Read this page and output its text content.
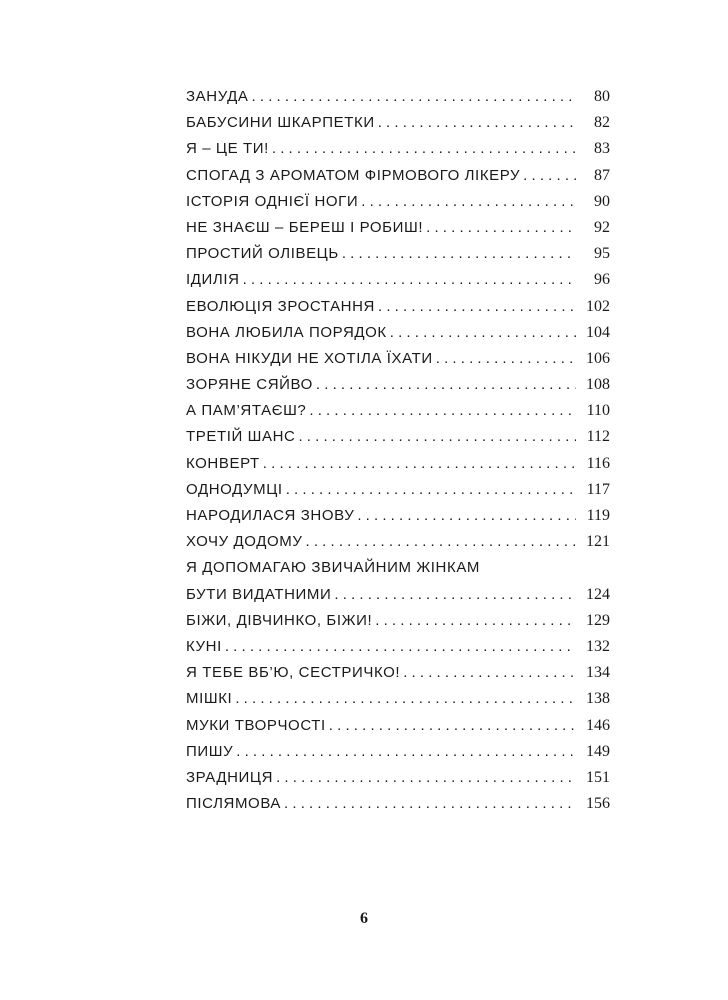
ЗАНУДА . . .	80
БАБУСИНИ ШКАРПЕТКИ . . .	82
Я – ЦЕ ТИ! . . .	83
СПОГАД З АРОМАТОМ ФІРМОВОГО ЛІКЕРУ . . .	87
ІСТОРІЯ ОДНІЄЇ НОГИ . . .	90
НЕ ЗНАЄШ – БЕРЕШ І РОБИШ! . . .	92
ПРОСТИЙ ОЛІВЕЦЬ . . .	95
ІДИЛІЯ . . .	96
ЕВОЛЮЦІЯ ЗРОСТАННЯ . . .	102
ВОНА ЛЮБИЛА ПОРЯДОК . . .	104
ВОНА НІКУДИ НЕ ХОТІЛА ЇХАТИ . . .	106
ЗОРЯНЕ СЯЙВО . . .	108
А ПАМ’ЯТАЄШ? . . .	110
ТРЕТІЙ ШАНС . . .	112
КОНВЕРТ . . .	116
ОДНОДУМЦІ . . .	117
НАРОДИЛАСЯ ЗНОВУ . . .	119
ХОЧУ ДОДОМУ . . .	121
Я ДОПОМАГАЮ ЗВИЧАЙНИМ ЖІНКАМ
БУТИ ВИДАТНИМИ . . .	124
БІЖИ, ДІВЧИНКО, БІЖИ! . . .	129
КУНІ . . .	132
Я ТЕБЕ ВБ’Ю, СЕСТРИЧКО! . . .	134
МІШКІ . . .	138
МУКИ ТВОРЧОСТІ . . .	146
ПИШУ . . .	149
ЗРАДНИЦЯ . . .	151
ПІСЛЯМОВА . . .	156
6
